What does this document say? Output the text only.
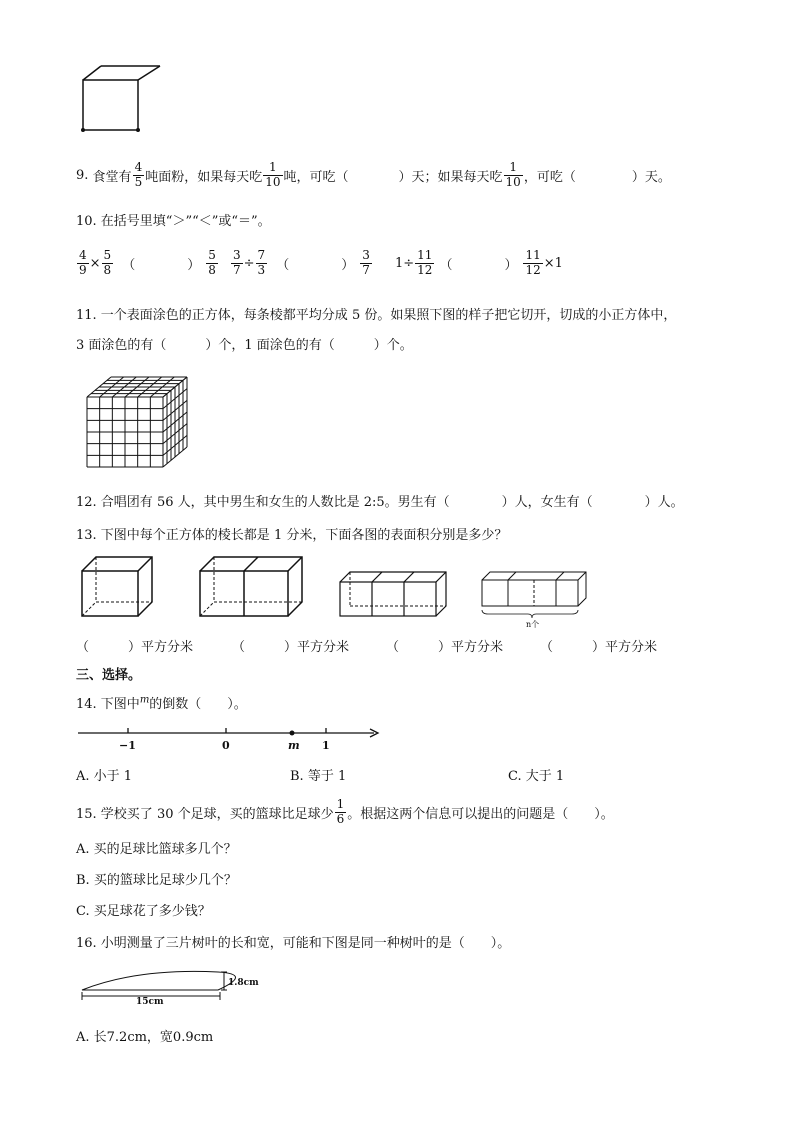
9.
食堂有 $\frac{4}{5}$ 吨面粉，如果每天吃 $\frac{1}{10}$ 吨，可吃（	）天；如果每天吃 $\frac{1}{10}$ ，可吃（	）天。
10. 在括号里填“＞”“＜”或“＝”。
$\frac{4}{9} \times \frac{5}{8}$ （　　　　） $\frac{5}{8} \frac{3}{7} \div \frac{7}{3}$ （　　　　） $\frac{3}{7} 1\div \frac{11}{12}$ （　　　　） $\frac{11}{12} \times 1$
11. 一个表面涂色的正方体，每条棱都平均分成 5 份。如果照下图的样子把它切开，切成的小正方体中，
3 面涂色的有（　　　）个，1 面涂色的有（　　　）个。
12. 合唱团有 56 人，其中男生和女生的人数比是 2:5。男生有（　　　　）人，女生有（　　　　）人。
13. 下图中每个正方体的棱长都是 1 分米，下面各图的表面积分别是多少？
n个
（　　　）平方分米	（　　　）平方分米	（　　　）平方分米	（　　　）平方分米
三、选择。
14. 下图中$^m$的倒数（　　）。
−1	0	m 1
A. 小于 1	B. 等于 1	C. 大于 1
15. 学校买了 30 个足球，买的篮球比足球少 $\frac{1}{6}$ 。根据这两个信息可以提出的问题是（　　）。
A. 买的足球比篮球多几个？
B. 买的篮球比足球少几个？
C. 买足球花了多少钱？
16. 小明测量了三片树叶的长和宽，可能和下图是同一种树叶的是（　　）。
15cm
1.8cm
A. 长7.2cm，宽0.9cm
